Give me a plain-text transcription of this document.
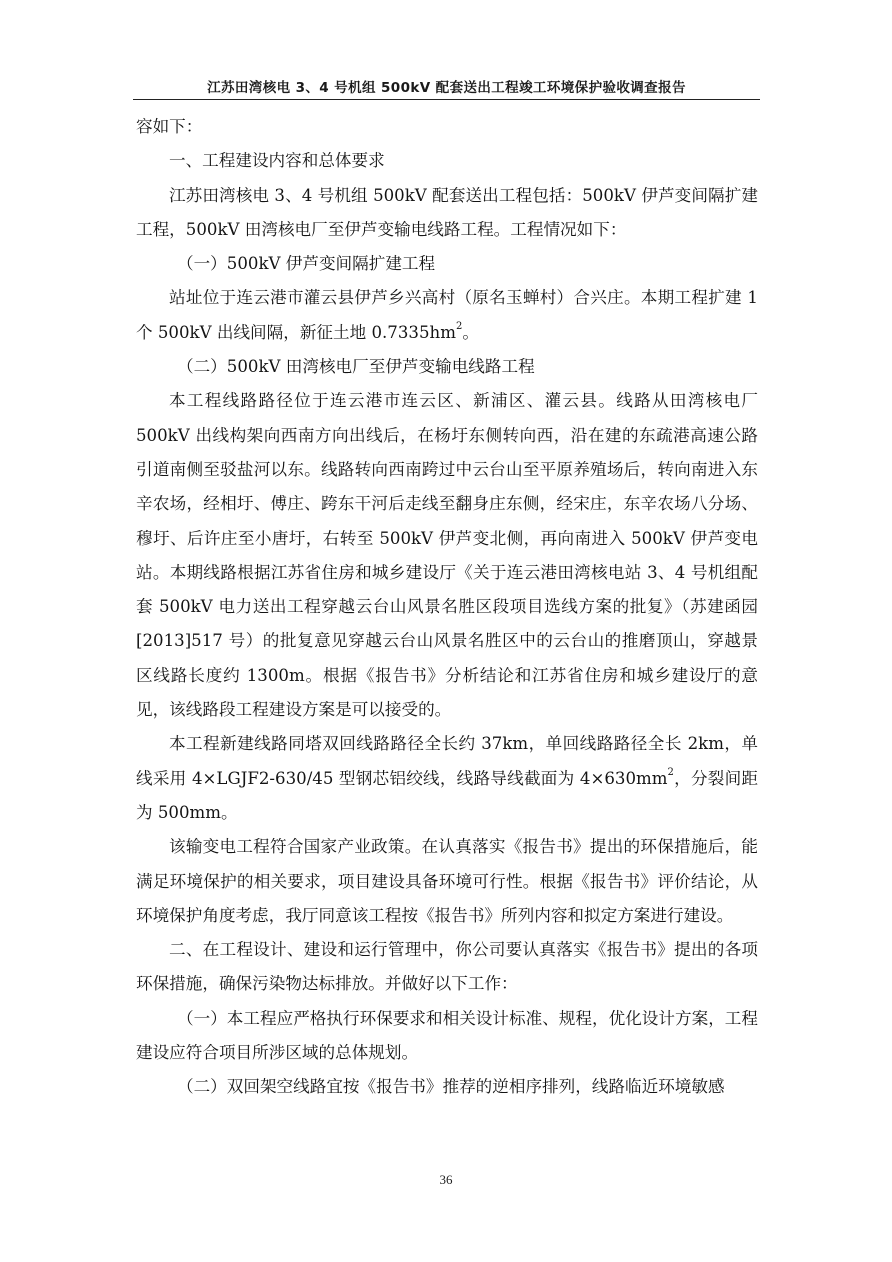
江苏田湾核电 3、4 号机组 500kV 配套送出工程竣工环境保护验收调查报告

容如下：

一、工程建设内容和总体要求

江苏田湾核电 3、4 号机组 500kV 配套送出工程包括：500kV 伊芦变间隔扩建工程，500kV 田湾核电厂至伊芦变输电线路工程。工程情况如下：

（一）500kV 伊芦变间隔扩建工程

站址位于连云港市灌云县伊芦乡兴高村（原名玉蝉村）合兴庄。本期工程扩建 1 个 500kV 出线间隔，新征土地 $0.7335hm^2$。

（二）500kV 田湾核电厂至伊芦变输电线路工程

本工程线路路径位于连云港市连云区、新浦区、灌云县。线路从田湾核电厂 500kV 出线构架向西南方向出线后，在杨圩东侧转向西，沿在建的东疏港高速公路引道南侧至驳盐河以东。线路转向西南跨过中云台山至平原养殖场后，转向南进入东辛农场，经相圩、傅庄、跨东干河后走线至翻身庄东侧，经宋庄，东辛农场八分场、穆圩、后许庄至小唐圩，右转至 500kV 伊芦变北侧，再向南进入 500kV 伊芦变电站。本期线路根据江苏省住房和城乡建设厅《关于连云港田湾核电站 3、4 号机组配套 500kV 电力送出工程穿越云台山风景名胜区段项目选线方案的批复》（苏建函园[2013]517 号）的批复意见穿越云台山风景名胜区中的云台山的推磨顶山，穿越景区线路长度约 1300m。根据《报告书》分析结论和江苏省住房和城乡建设厅的意见，该线路段工程建设方案是可以接受的。

本工程新建线路同塔双回线路路径全长约 37km，单回线路路径全长 2km，单线采用 4×LGJF2-630/45 型钢芯铝绞线，线路导线截面为 $4\times 630mm^2$，分裂间距为 500mm。

该输变电工程符合国家产业政策。在认真落实《报告书》提出的环保措施后，能满足环境保护的相关要求，项目建设具备环境可行性。根据《报告书》评价结论，从环境保护角度考虑，我厅同意该工程按《报告书》所列内容和拟定方案进行建设。

二、在工程设计、建设和运行管理中，你公司要认真落实《报告书》提出的各项环保措施，确保污染物达标排放。并做好以下工作：

（一）本工程应严格执行环保要求和相关设计标准、规程，优化设计方案，工程建设应符合项目所涉区域的总体规划。

（二）双回架空线路宜按《报告书》推荐的逆相序排列，线路临近环境敏感

36
